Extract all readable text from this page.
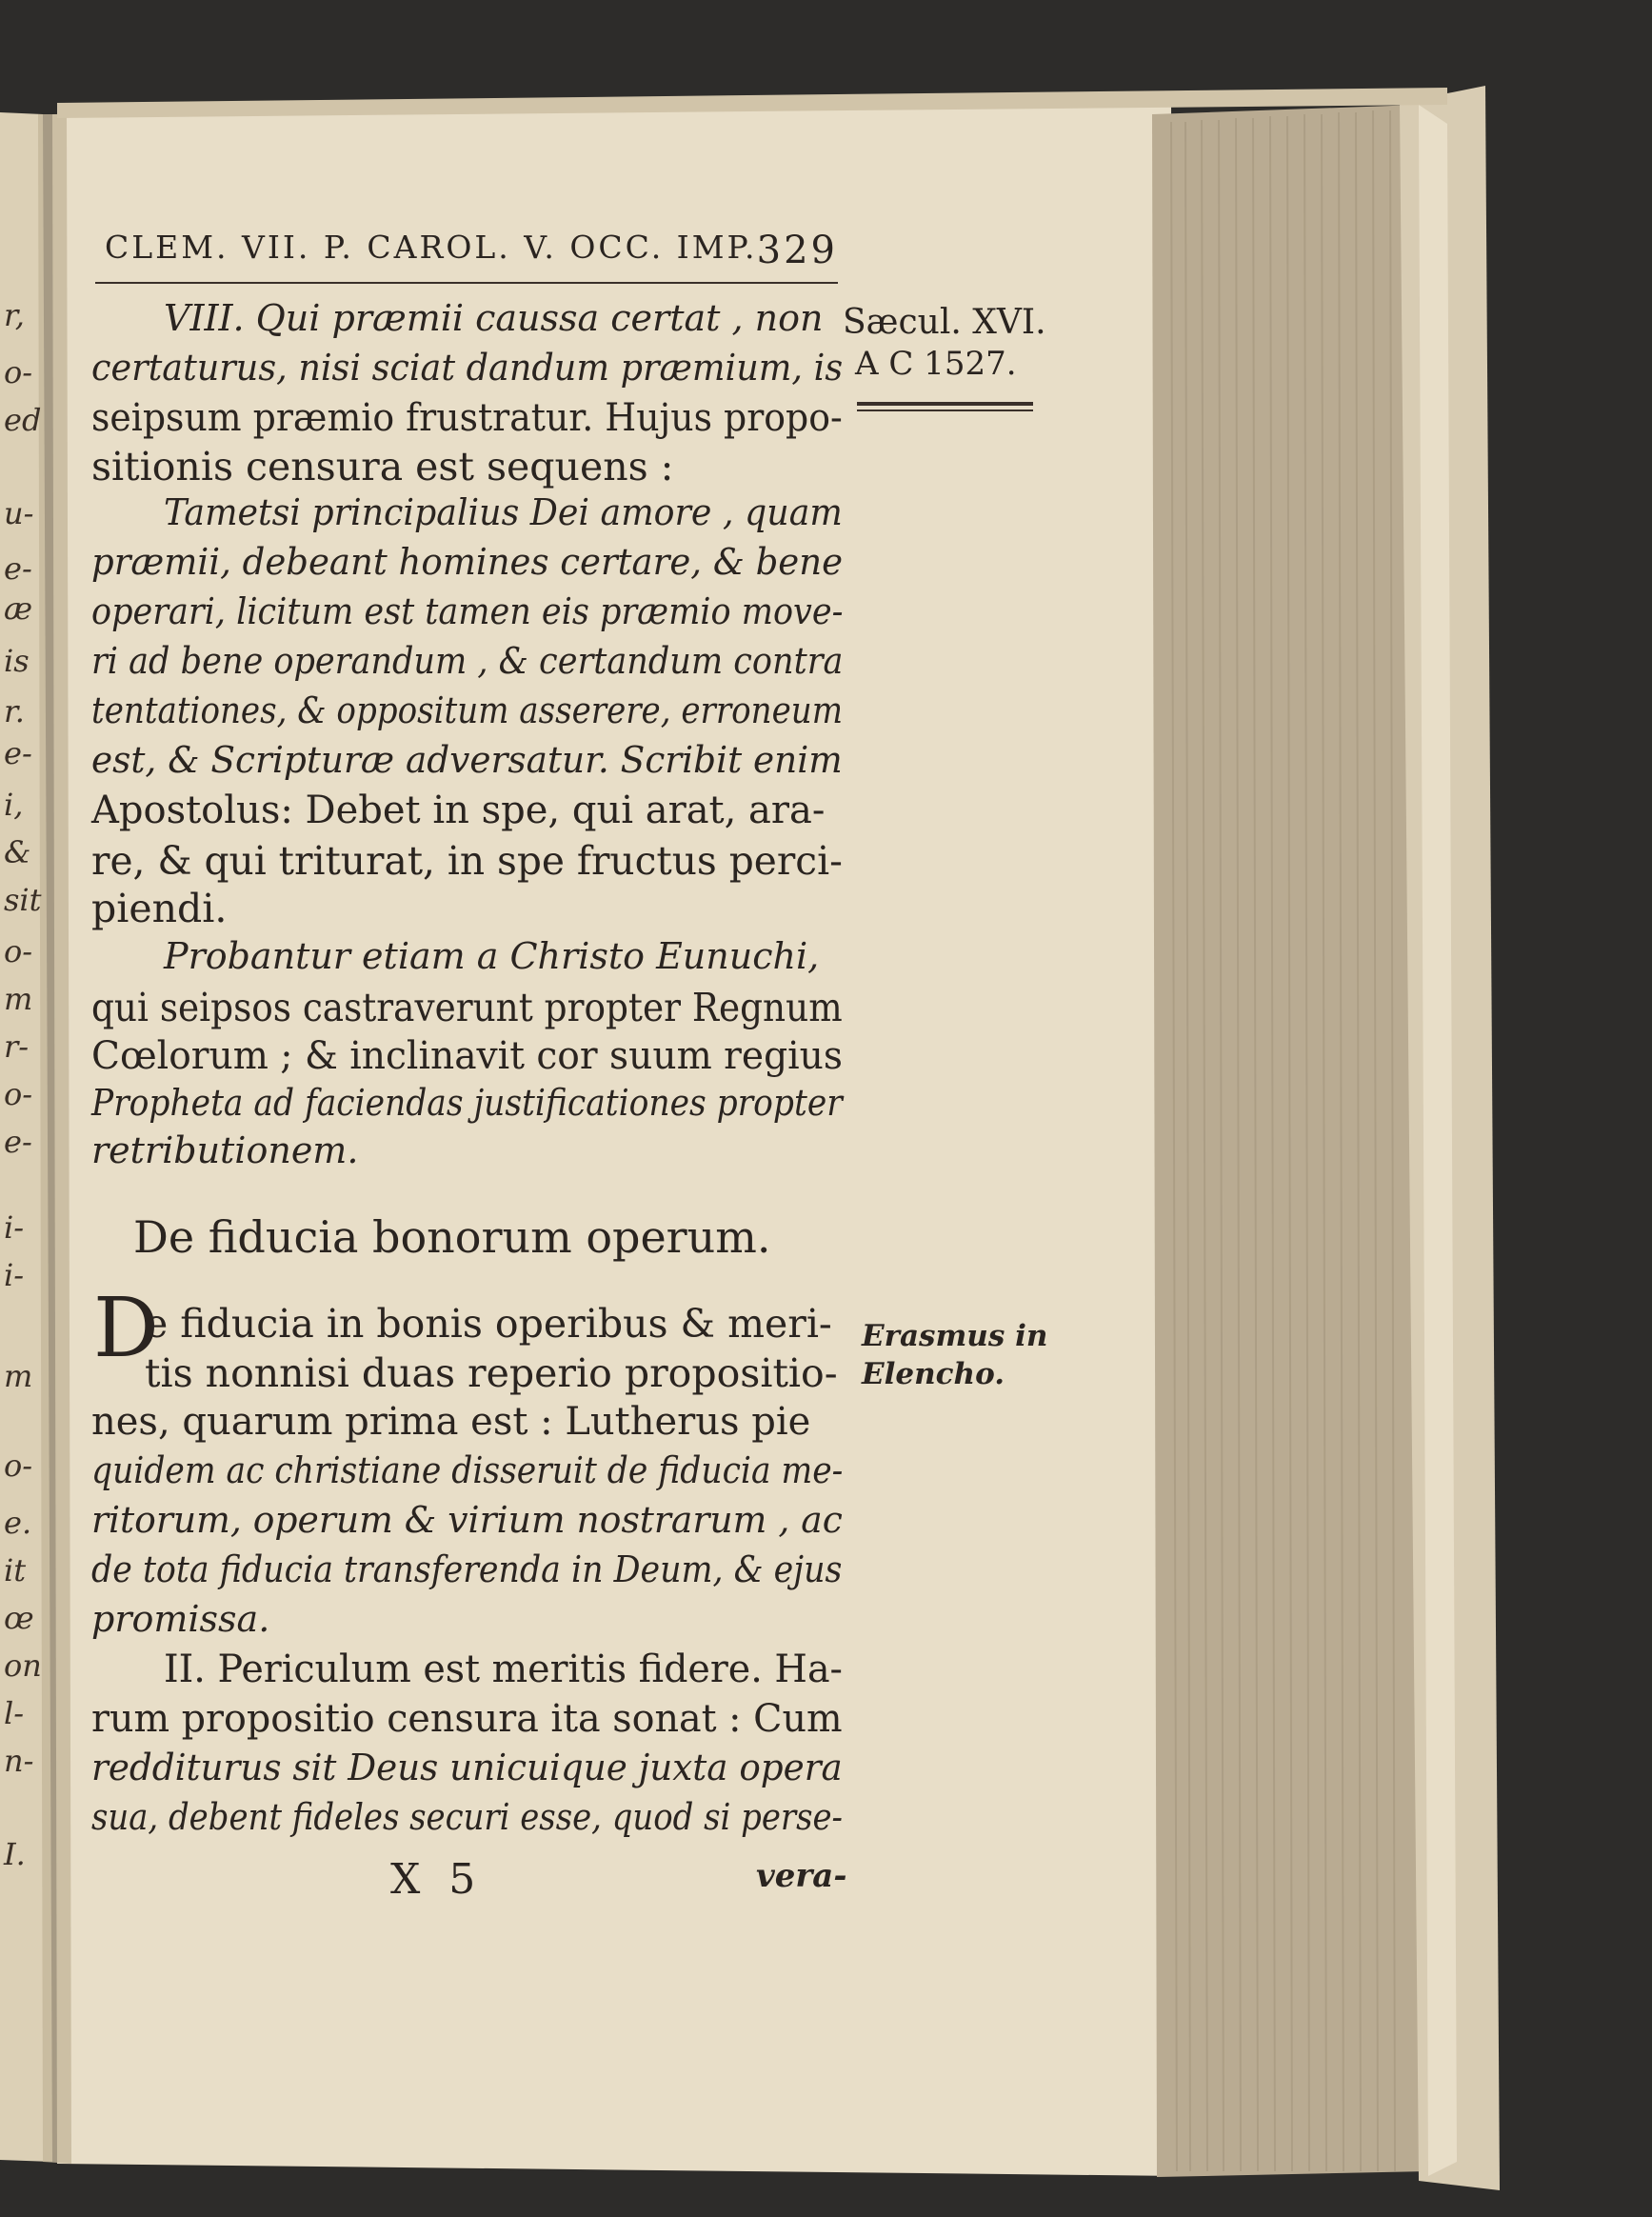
r,
o-
ed
u-
e-
æ
is
r.
e-
i,
&
sit
o-
m
r-
o-
e-
i-
i-
m
o-
e.
it
œ
on
l-
n-
I.
CLEM. VII. P. CAROL. V. OCC. IMP. 329
Sæcul. XVI.
A C 1527.
Erasmus in
Elencho.
VIII. Qui præmii caussa certat , non
certaturus, nisi sciat dandum præmium, is
seipsum præmio frustratur. Hujus propo-
sitionis censura est sequens :
Tametsi principalius Dei amore , quam
præmii, debeant homines certare, & bene
operari, licitum est tamen eis præmio move-
ri ad bene operandum , & certandum contra
tentationes, & oppositum asserere, erroneum
est, & Scripturæ adversatur. Scribit enim
Apostolus: Debet in spe, qui arat, ara-
re, & qui triturat, in spe fructus perci-
piendi.
Probantur etiam a Christo Eunuchi,
qui seipsos castraverunt propter Regnum
Cœlorum ; & inclinavit cor suum regius
Propheta ad faciendas justificationes propter
retributionem.
De fiducia bonorum operum.
D
e fiducia in bonis operibus & meri-
tis nonnisi duas reperio propositio-
nes, quarum prima est : Lutherus pie
quidem ac christiane disseruit de fiducia me-
ritorum, operum & virium nostrarum , ac
de tota fiducia transferenda in Deum, & ejus
promissa.
II. Periculum est meritis fidere. Ha-
rum propositio censura ita sonat : Cum
redditurus sit Deus unicuique juxta opera
sua, debent fideles securi esse, quod si perse-
X 5	vera-
